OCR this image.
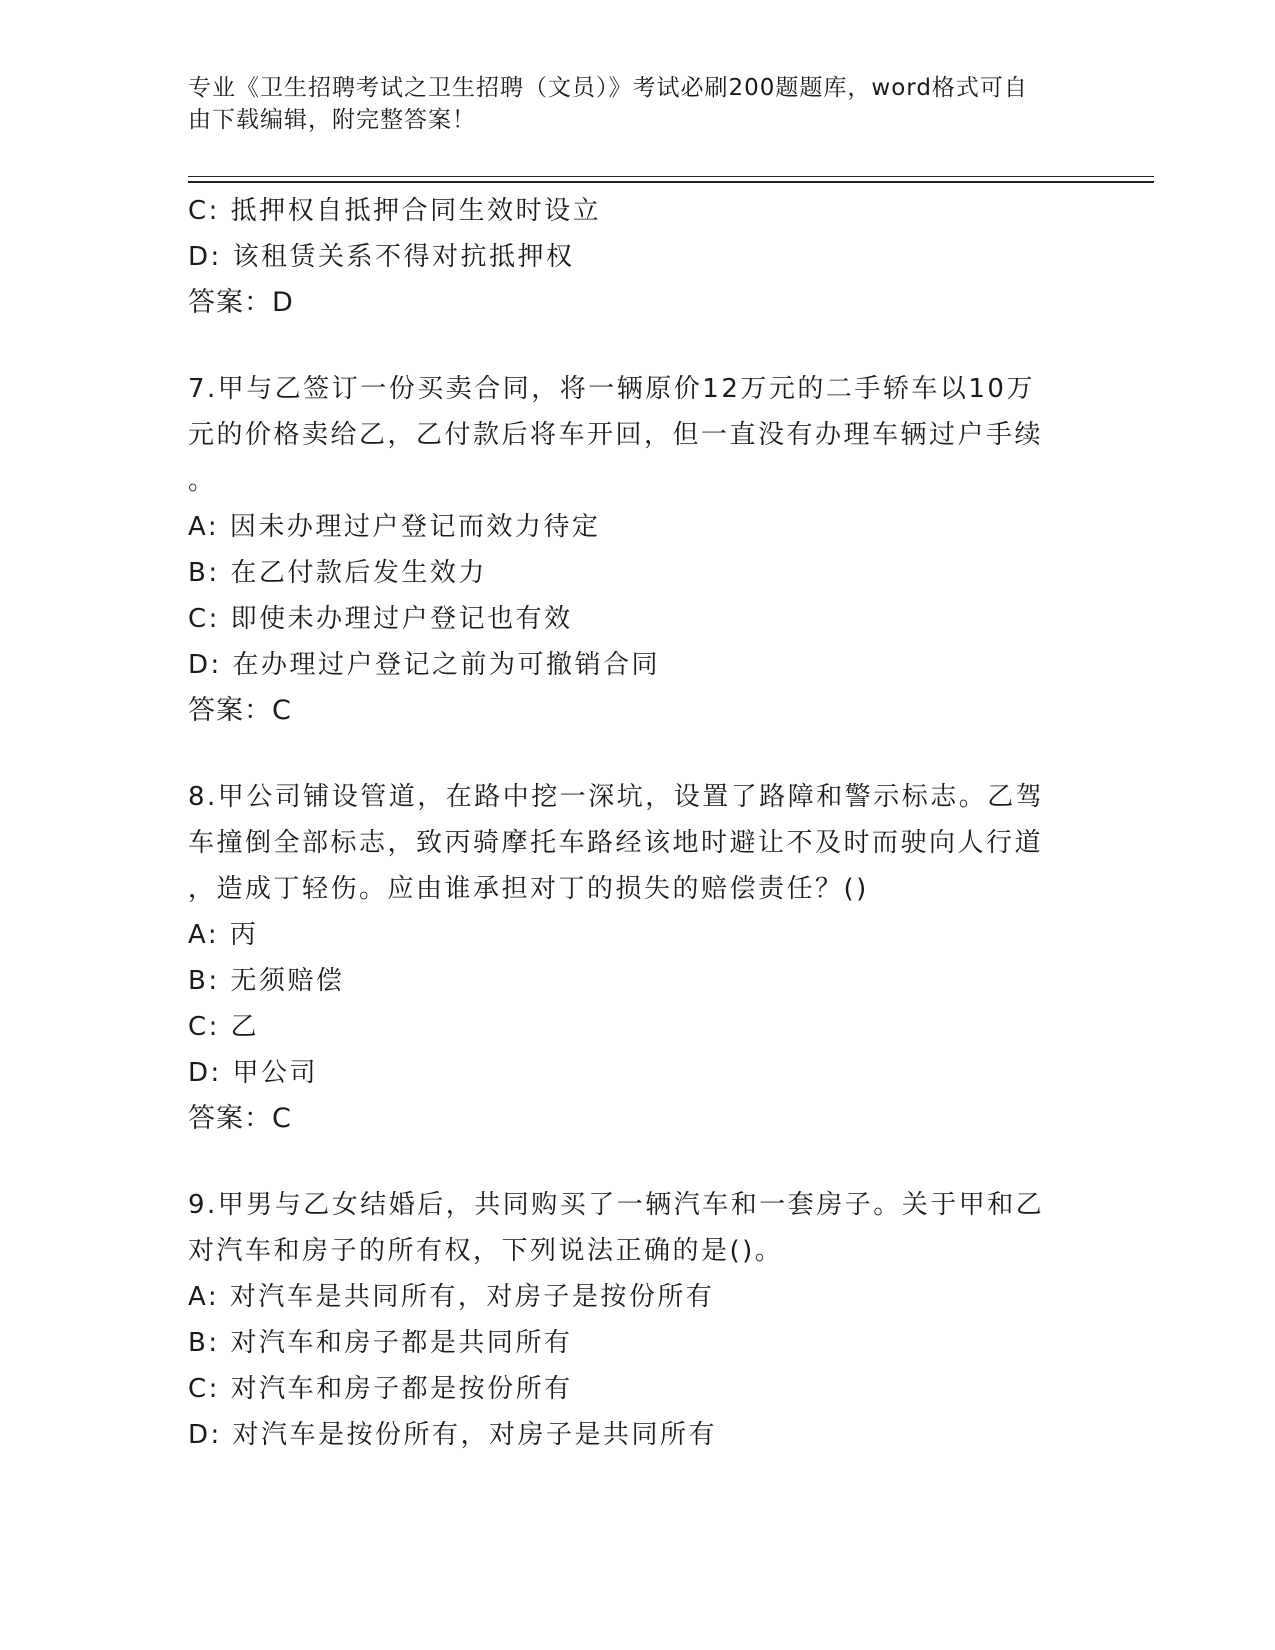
专业《卫生招聘考试之卫生招聘（文员）》考试必刷200题题库，word格式可自
由下载编辑，附完整答案！
C: 抵押权自抵押合同生效时设立
D: 该租赁关系不得对抗抵押权
答案：D
7.甲与乙签订一份买卖合同，将一辆原价12万元的二手轿车以10万
元的价格卖给乙，乙付款后将车开回，但一直没有办理车辆过户手续
。
A: 因未办理过户登记而效力待定
B: 在乙付款后发生效力
C: 即使未办理过户登记也有效
D: 在办理过户登记之前为可撤销合同
答案：C
8.甲公司铺设管道，在路中挖一深坑，设置了路障和警示标志。乙驾
车撞倒全部标志，致丙骑摩托车路经该地时避让不及时而驶向人行道
，造成丁轻伤。应由谁承担对丁的损失的赔偿责任？()
A: 丙
B: 无须赔偿
C: 乙
D: 甲公司
答案：C
9.甲男与乙女结婚后，共同购买了一辆汽车和一套房子。关于甲和乙
对汽车和房子的所有权，下列说法正确的是()。
A: 对汽车是共同所有，对房子是按份所有
B: 对汽车和房子都是共同所有
C: 对汽车和房子都是按份所有
D: 对汽车是按份所有，对房子是共同所有
